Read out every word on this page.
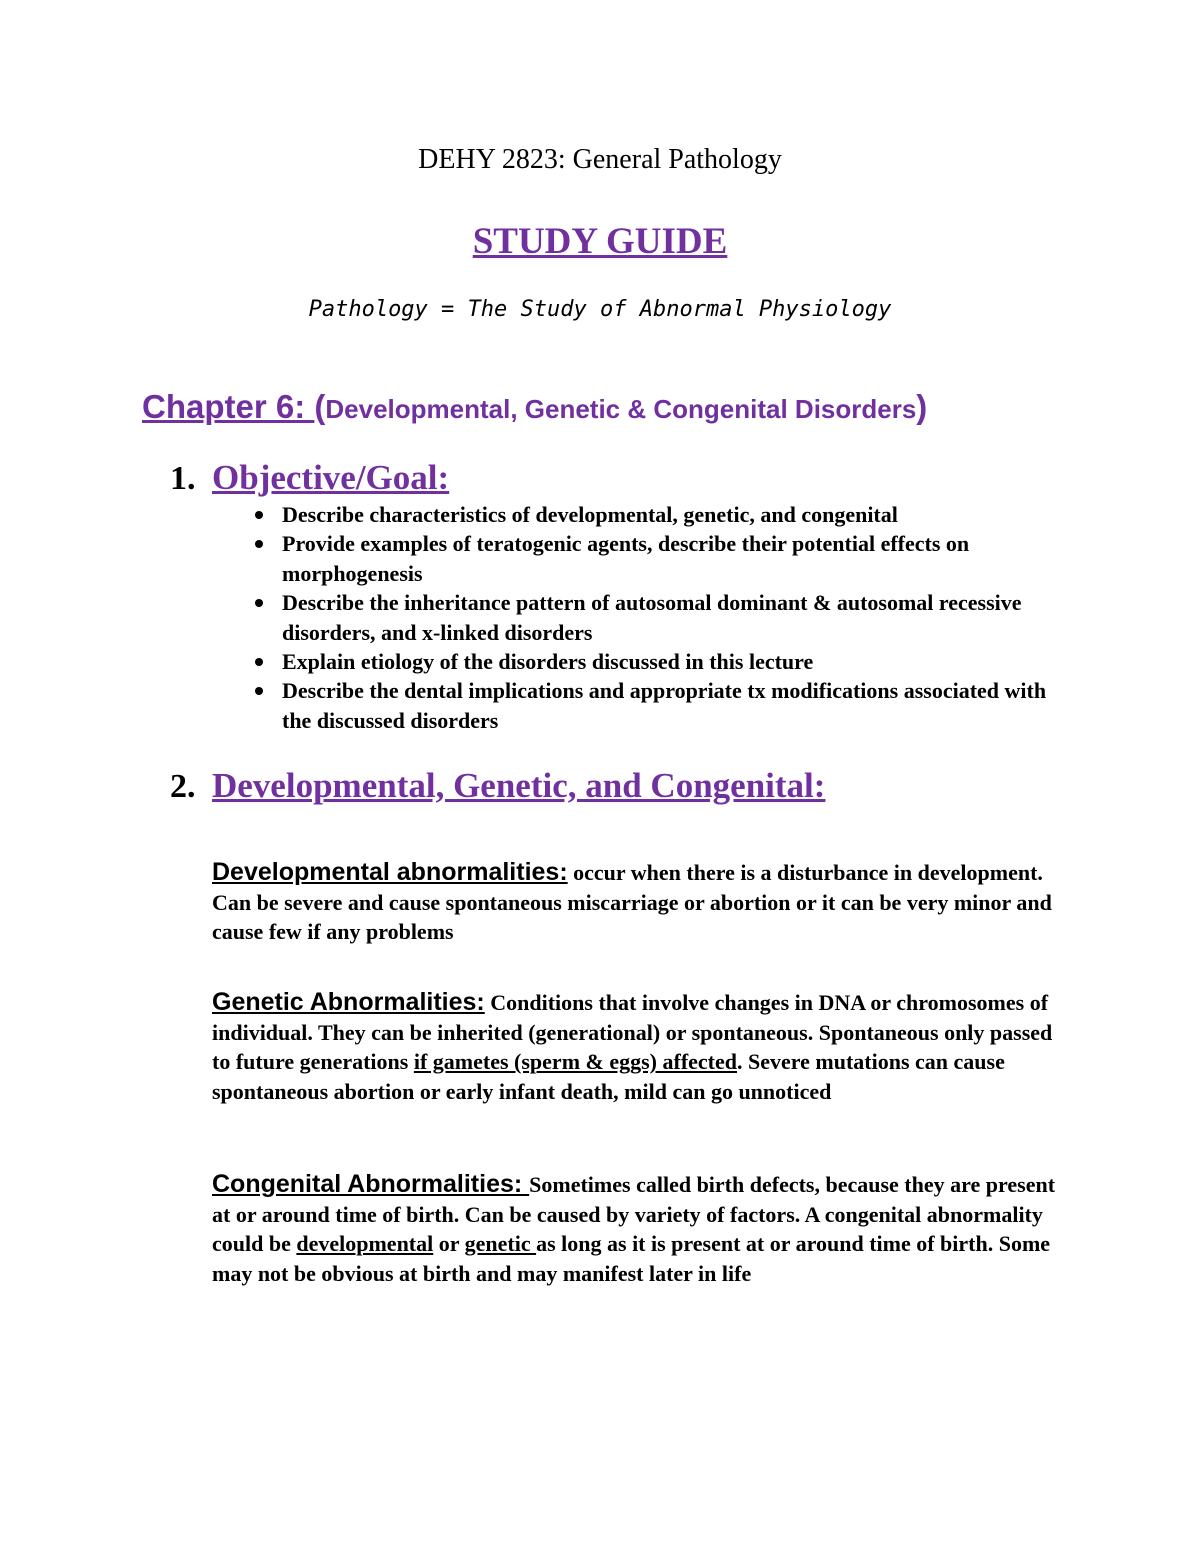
DEHY 2823: General Pathology
STUDY GUIDE
Pathology = The Study of Abnormal Physiology
Chapter 6: (Developmental, Genetic & Congenital Disorders)
1. Objective/Goal:
Describe characteristics of developmental, genetic, and congenital
Provide examples of teratogenic agents, describe their potential effects on morphogenesis
Describe the inheritance pattern of autosomal dominant & autosomal recessive disorders, and x-linked disorders
Explain etiology of the disorders discussed in this lecture
Describe the dental implications and appropriate tx modifications associated with the discussed disorders
2. Developmental, Genetic, and Congenital:
Developmental abnormalities: occur when there is a disturbance in development. Can be severe and cause spontaneous miscarriage or abortion or it can be very minor and cause few if any problems
Genetic Abnormalities: Conditions that involve changes in DNA or chromosomes of individual. They can be inherited (generational) or spontaneous. Spontaneous only passed to future generations if gametes (sperm & eggs) affected. Severe mutations can cause spontaneous abortion or early infant death, mild can go unnoticed
Congenital Abnormalities: Sometimes called birth defects, because they are present at or around time of birth. Can be caused by variety of factors. A congenital abnormality could be developmental or genetic as long as it is present at or around time of birth. Some may not be obvious at birth and may manifest later in life
